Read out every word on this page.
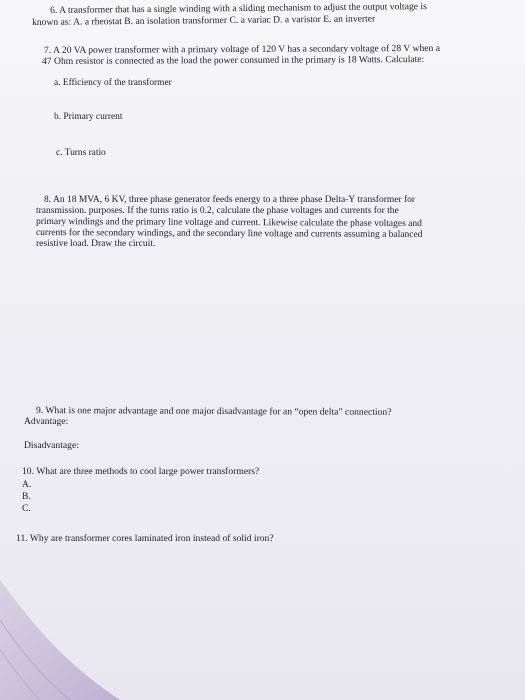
6. A transformer that has a single winding with a sliding mechanism to adjust the output voltage is
known as: A. a rheostat B. an isolation transformer C. a variac D. a varistor E. an inverter
7. A 20 VA power transformer with a primary voltage of 120 V has a secondary voltage of 28 V when a
47 Ohm resistor is connected as the load the power consumed in the primary is 18 Watts. Calculate:
a. Efficiency of the transformer
b. Primary current
c. Turns ratio
8. An 18 MVA, 6 KV, three phase generator feeds energy to a three phase Delta-Y transformer for
transmission. purposes. If the turns ratio is 0.2, calculate the phase voltages and currents for the
primary windings and the primary line voltage and current. Likewise calculate the phase voltages and
currents for the secondary windings, and the secondary line voltage and currents assuming a balanced
resistive load. Draw the circuit.
9. What is one major advantage and one major disadvantage for an “open delta” connection?
Advantage:
Disadvantage:
10. What are three methods to cool large power transformers?
A.
B.
C.
11. Why are transformer cores laminated iron instead of solid iron?
